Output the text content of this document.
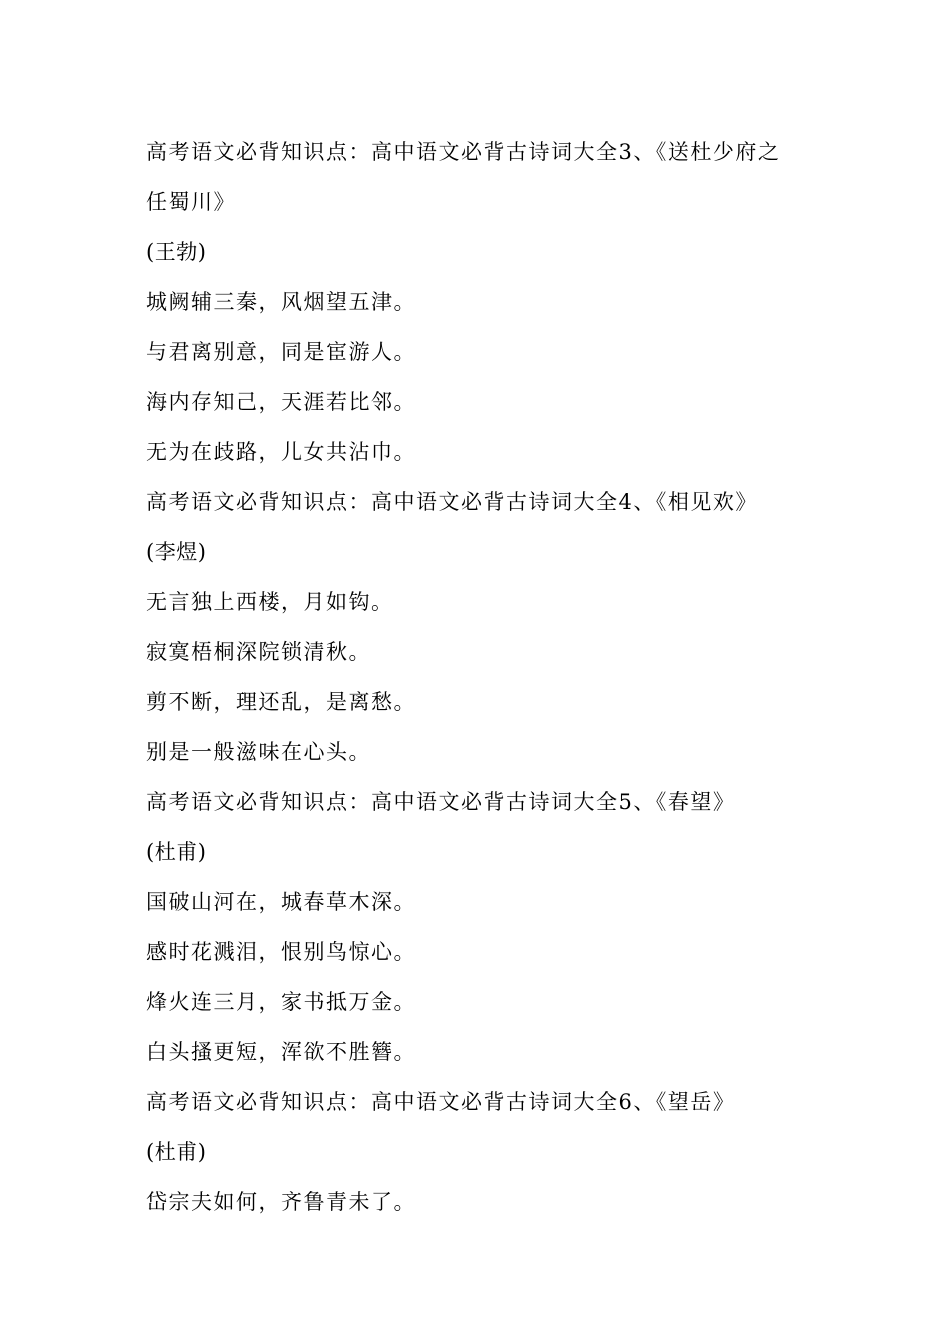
高考语文必背知识点：高中语文必背古诗词大全3、《送杜少府之
任蜀川》
(王勃)
城阙辅三秦，风烟望五津。
与君离别意，同是宦游人。
海内存知己，天涯若比邻。
无为在歧路，儿女共沾巾。
高考语文必背知识点：高中语文必背古诗词大全4、《相见欢》
(李煜)
无言独上西楼，月如钩。
寂寞梧桐深院锁清秋。
剪不断，理还乱，是离愁。
别是一般滋味在心头。
高考语文必背知识点：高中语文必背古诗词大全5、《春望》
(杜甫)
国破山河在，城春草木深。
感时花溅泪，恨别鸟惊心。
烽火连三月，家书抵万金。
白头搔更短，浑欲不胜簪。
高考语文必背知识点：高中语文必背古诗词大全6、《望岳》
(杜甫)
岱宗夫如何，齐鲁青未了。
